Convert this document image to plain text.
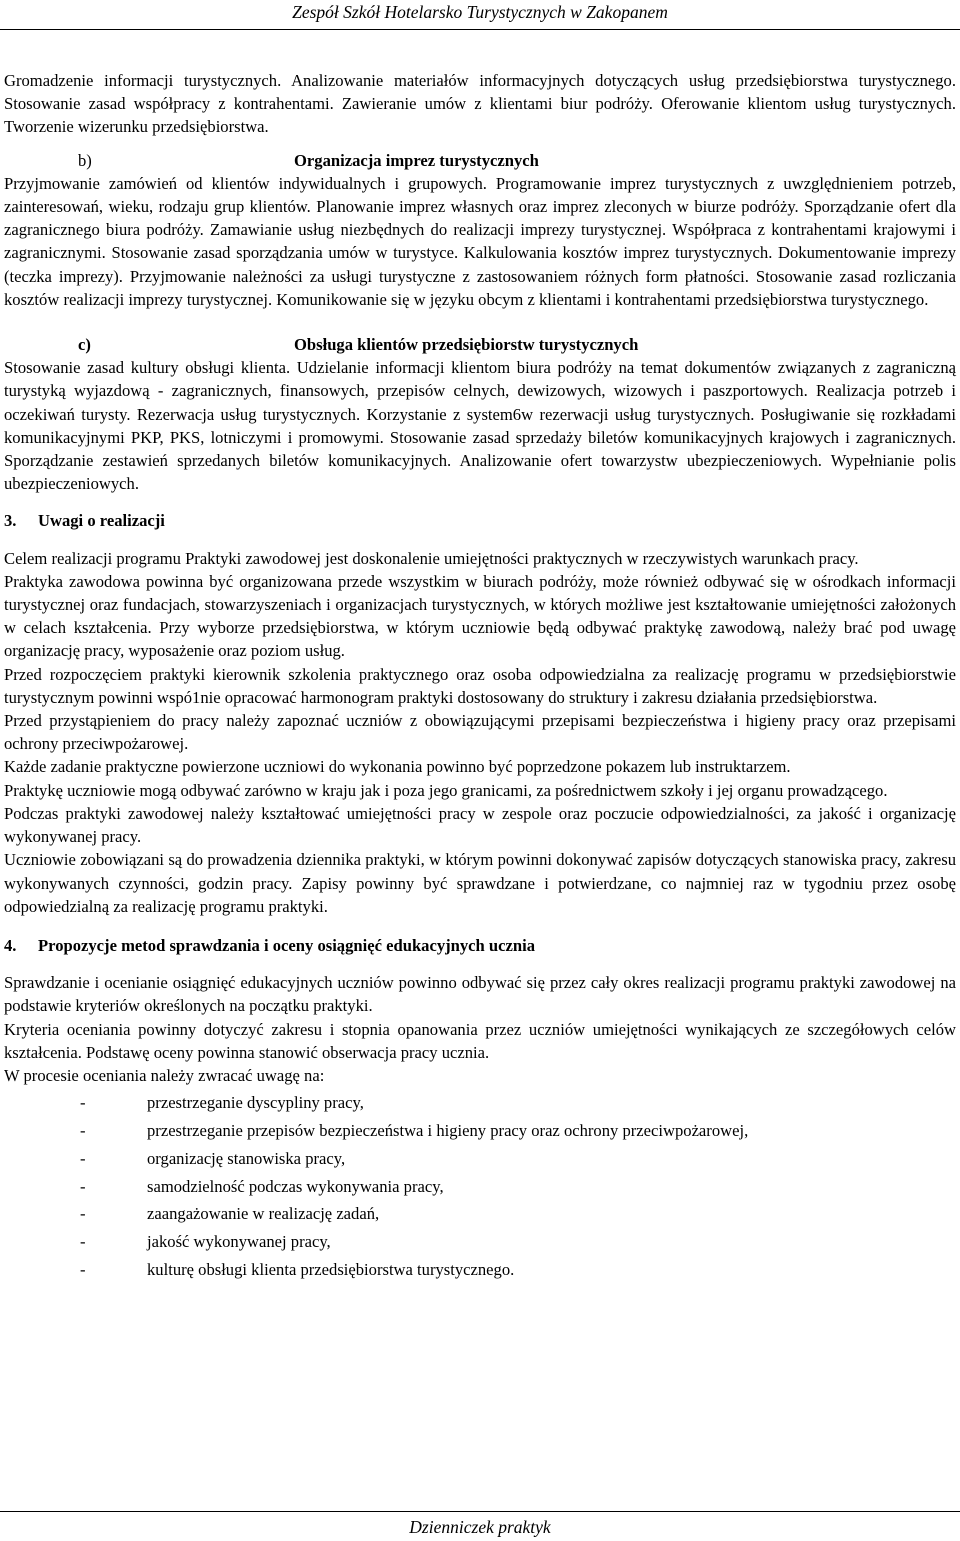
Zespół Szkół Hotelarsko Turystycznych w Zakopanem

Gromadzenie informacji turystycznych. Analizowanie materiałów informacyjnych dotyczących usług przedsiębiorstwa turystycznego. Stosowanie zasad współpracy z kontrahentami. Zawieranie umów z klientami biur podróży. Oferowanie klientom usług turystycznych. Tworzenie wizerunku przedsiębiorstwa.

b)	Organizacja imprez turystycznych

Przyjmowanie zamówień od klientów indywidualnych i grupowych. Programowanie imprez turystycznych z uwzględnieniem potrzeb, zainteresowań, wieku, rodzaju grup klientów. Planowanie imprez własnych oraz imprez zleconych w biurze podróży. Sporządzanie ofert dla zagranicznego biura podróży. Zamawianie usług niezbędnych do realizacji imprezy turystycznej. Współpraca z kontrahentami krajowymi i zagranicznymi. Stosowanie zasad sporządzania umów w turystyce. Kalkulowania kosztów imprez turystycznych. Dokumentowanie imprezy (teczka imprezy). Przyjmowanie należności za usługi turystyczne z zastosowaniem różnych form płatności. Stosowanie zasad rozliczania kosztów realizacji imprezy turystycznej. Komunikowanie się w języku obcym z klientami i kontrahentami przedsiębiorstwa turystycznego.

c)	Obsługa klientów przedsiębiorstw turystycznych

Stosowanie zasad kultury obsługi klienta. Udzielanie informacji klientom biura podróży na temat dokumentów związanych z zagraniczną turystyką wyjazdową - zagranicznych, finansowych, przepisów celnych, dewizowych, wizowych i paszportowych. Realizacja potrzeb i oczekiwań turysty. Rezerwacja usług turystycznych. Korzystanie z system6w rezerwacji usług turystycznych. Posługiwanie się rozkładami komunikacyjnymi PKP, PKS, lotniczymi i promowymi. Stosowanie zasad sprzedaży biletów komunikacyjnych krajowych i zagranicznych. Sporządzanie zestawień sprzedanych biletów komunikacyjnych. Analizowanie ofert towarzystw ubezpieczeniowych. Wypełnianie polis ubezpieczeniowych.

3. Uwagi o realizacji

Celem realizacji programu Praktyki zawodowej jest doskonalenie umiejętności praktycznych w rzeczywistych warunkach pracy.

Praktyka zawodowa powinna być organizowana przede wszystkim w biurach podróży, może również odbywać się w ośrodkach informacji turystycznej oraz fundacjach, stowarzyszeniach i organizacjach turystycznych, w których możliwe jest kształtowanie umiejętności założonych w celach kształcenia. Przy wyborze przedsiębiorstwa, w którym uczniowie będą odbywać praktykę zawodową, należy brać pod uwagę organizację pracy, wyposażenie oraz poziom usług.

Przed rozpoczęciem praktyki kierownik szkolenia praktycznego oraz osoba odpowiedzialna za realizację programu w przedsiębiorstwie turystycznym powinni wspó1nie opracować harmonogram praktyki dostosowany do struktury i zakresu działania przedsiębiorstwa.

Przed przystąpieniem do pracy należy zapoznać uczniów z obowiązującymi przepisami bezpieczeństwa i higieny pracy oraz przepisami ochrony przeciwpożarowej.

Każde zadanie praktyczne powierzone uczniowi do wykonania powinno być poprzedzone pokazem lub instruktarzem.

Praktykę uczniowie mogą odbywać zarówno w kraju jak i poza jego granicami, za pośrednictwem szkoły i jej organu prowadzącego.

Podczas praktyki zawodowej należy kształtować umiejętności pracy w zespole oraz poczucie odpowiedzialności, za jakość i organizację wykonywanej pracy.

Uczniowie zobowiązani są do prowadzenia dziennika praktyki, w którym powinni dokonywać zapisów dotyczących stanowiska pracy, zakresu wykonywanych czynności, godzin pracy. Zapisy powinny być sprawdzane i potwierdzane, co najmniej raz w tygodniu przez osobę odpowiedzialną za realizację programu praktyki.

4. Propozycje metod sprawdzania i oceny osiągnięć edukacyjnych ucznia

Sprawdzanie i ocenianie osiągnięć edukacyjnych uczniów powinno odbywać się przez cały okres realizacji programu praktyki zawodowej na podstawie kryteriów określonych na początku praktyki.

Kryteria oceniania powinny dotyczyć zakresu i stopnia opanowania przez uczniów umiejętności wynikających ze szczegółowych celów kształcenia. Podstawę oceny powinna stanowić obserwacja pracy ucznia.

W procesie oceniania należy zwracać uwagę na:

-	przestrzeganie dyscypliny pracy,
-	przestrzeganie przepisów bezpieczeństwa i higieny pracy oraz ochrony przeciwpożarowej,
-	organizację stanowiska pracy,
-	samodzielność podczas wykonywania pracy,
-	zaangażowanie w realizację zadań,
-	jakość wykonywanej pracy,
-	kulturę obsługi klienta przedsiębiorstwa turystycznego.
Dzienniczek praktyk
